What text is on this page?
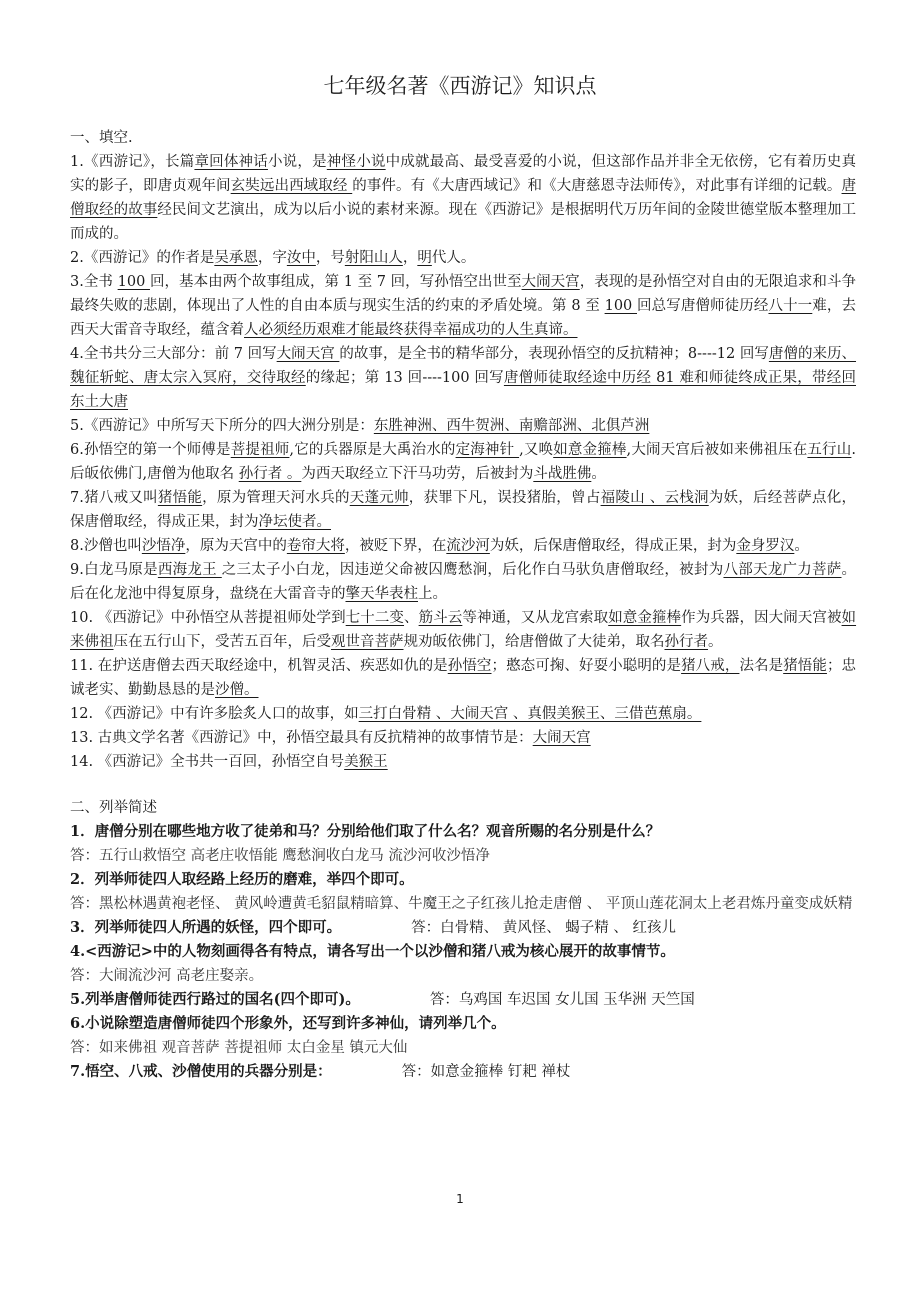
七年级名著《西游记》知识点

一、填空.

1.《西游记》，长篇章回体神话小说，是神怪小说中成就最高、最受喜爱的小说，但这部作品并非全无依傍，它有着历史真实的影子，即唐贞观年间玄奘远出西域取经 的事件。有《大唐西域记》和《大唐慈恩寺法师传》，对此事有详细的记载。唐僧取经的故事经民间文艺演出，成为以后小说的素材来源。现在《西游记》是根据明代万历年间的金陵世德堂版本整理加工而成的。

2.《西游记》的作者是吴承恩，字汝中，号射阳山人，明代人。

3.全书 100 回，基本由两个故事组成，第 1 至 7 回，写孙悟空出世至大闹天宫，表现的是孙悟空对自由的无限追求和斗争最终失败的悲剧，体现出了人性的自由本质与现实生活的约束的矛盾处境。第 8 至 100 回总写唐僧师徒历经八十一难，去西天大雷音寺取经，蕴含着人必须经历艰难才能最终获得幸福成功的人生真谛。

4.全书共分三大部分：前 7 回写大闹天宫 的故事，是全书的精华部分，表现孙悟空的反抗精神；8----12 回写唐僧的来历、魏征斩蛇、唐太宗入冥府，交待取经的缘起；第 13 回----100 回写唐僧师徒取经途中历经 81 难和师徒终成正果，带经回东土大唐

5.《西游记》中所写天下所分的四大洲分别是：东胜神洲、西牛贺洲、南赡部洲、北俱芦洲

6.孙悟空的第一个师傅是菩提祖师,它的兵器原是大禹治水的定海神针 ,又唤如意金箍棒,大闹天宫后被如来佛祖压在五行山.后皈依佛门,唐僧为他取名 孙行者 。为西天取经立下汗马功劳，后被封为斗战胜佛。

7.猪八戒又叫猪悟能，原为管理天河水兵的天蓬元帅，获罪下凡，误投猪胎，曾占福陵山 、云栈洞为妖，后经菩萨点化，保唐僧取经，得成正果，封为净坛使者。

8.沙僧也叫沙悟净，原为天宫中的卷帘大将，被贬下界，在流沙河为妖，后保唐僧取经，得成正果，封为金身罗汉。

9.白龙马原是西海龙王 之三太子小白龙，因违逆父命被囚鹰愁涧，后化作白马驮负唐僧取经，被封为八部天龙广力菩萨。后在化龙池中得复原身，盘绕在大雷音寺的擎天华表柱上。

10. 《西游记》中孙悟空从菩提祖师处学到七十二变、筋斗云等神通，又从龙宫索取如意金箍棒作为兵器，因大闹天宫被如来佛祖压在五行山下，受苦五百年，后受观世音菩萨规劝皈依佛门，给唐僧做了大徒弟，取名孙行者。

11. 在护送唐僧去西天取经途中，机智灵活、疾恶如仇的是孙悟空；憨态可掬、好耍小聪明的是猪八戒，法名是猪悟能；忠诚老实、勤勤恳恳的是沙僧。

12. 《西游记》中有许多脍炙人口的故事，如三打白骨精 、大闹天宫 、真假美猴王、三借芭蕉扇。

13. 古典文学名著《西游记》中，孙悟空最具有反抗精神的故事情节是：大闹天宫

14. 《西游记》全书共一百回，孙悟空自号美猴王

二、列举简述

1．唐僧分别在哪些地方收了徒弟和马？分别给他们取了什么名？观音所赐的名分别是什么？

答：五行山救悟空 高老庄收悟能 鹰愁涧收白龙马 流沙河收沙悟净

2．列举师徒四人取经路上经历的磨难，举四个即可。

答：黑松林遇黄袍老怪、 黄风岭遭黄毛貂鼠精暗算、牛魔王之子红孩儿抢走唐僧 、 平顶山莲花洞太上老君炼丹童变成妖精

3．列举师徒四人所遇的妖怪，四个即可。	答：白骨精、 黄风怪、 蝎子精 、 红孩儿

4.<西游记>中的人物刻画得各有特点，请各写出一个以沙僧和猪八戒为核心展开的故事情节。

答：大闹流沙河 高老庄娶亲。

5.列举唐僧师徒西行路过的国名(四个即可)。	答：乌鸡国 车迟国 女儿国 玉华洲 天竺国

6.小说除塑造唐僧师徒四个形象外，还写到许多神仙，请列举几个。

答：如来佛祖 观音菩萨 菩提祖师 太白金星 镇元大仙

7.悟空、八戒、沙僧使用的兵器分别是：	答：如意金箍棒 钉耙 禅杖

1
